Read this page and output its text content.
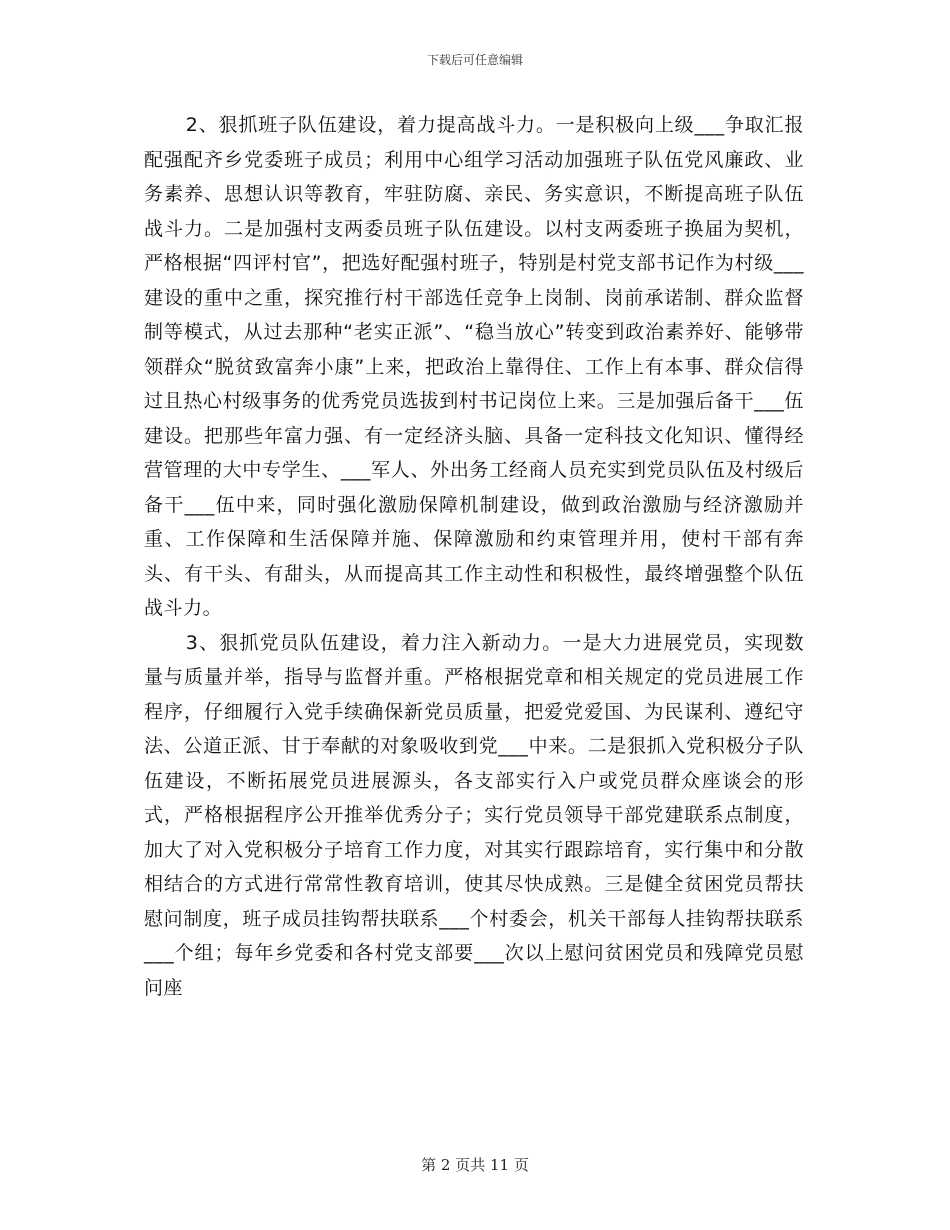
下载后可任意编辑

2、狠抓班子队伍建设，着力提高战斗力。一是积极向上级___争取汇报配强配齐乡党委班子成员；利用中心组学习活动加强班子队伍党风廉政、业务素养、思想认识等教育，牢驻防腐、亲民、务实意识，不断提高班子队伍战斗力。二是加强村支两委员班子队伍建设。以村支两委班子换届为契机，严格根据“四评村官”，把选好配强村班子，特别是村党支部书记作为村级___建设的重中之重，探究推行村干部选任竞争上岗制、岗前承诺制、群众监督制等模式，从过去那种“老实正派”、“稳当放心”转变到政治素养好、能够带领群众“脱贫致富奔小康”上来，把政治上靠得住、工作上有本事、群众信得过且热心村级事务的优秀党员选拔到村书记岗位上来。三是加强后备干___伍建设。把那些年富力强、有一定经济头脑、具备一定科技文化知识、懂得经营管理的大中专学生、___军人、外出务工经商人员充实到党员队伍及村级后备干___伍中来，同时强化激励保障机制建设，做到政治激励与经济激励并重、工作保障和生活保障并施、保障激励和约束管理并用，使村干部有奔头、有干头、有甜头，从而提高其工作主动性和积极性，最终增强整个队伍战斗力。

3、狠抓党员队伍建设，着力注入新动力。一是大力进展党员，实现数量与质量并举，指导与监督并重。严格根据党章和相关规定的党员进展工作程序，仔细履行入党手续确保新党员质量，把爱党爱国、为民谋利、遵纪守法、公道正派、甘于奉献的对象吸收到党___中来。二是狠抓入党积极分子队伍建设，不断拓展党员进展源头，各支部实行入户或党员群众座谈会的形式，严格根据程序公开推举优秀分子；实行党员领导干部党建联系点制度，加大了对入党积极分子培育工作力度，对其实行跟踪培育，实行集中和分散相结合的方式进行常常性教育培训，使其尽快成熟。三是健全贫困党员帮扶慰问制度，班子成员挂钩帮扶联系___个村委会，机关干部每人挂钩帮扶联系___个组；每年乡党委和各村党支部要___次以上慰问贫困党员和残障党员慰问座

第 2 页共 11 页
